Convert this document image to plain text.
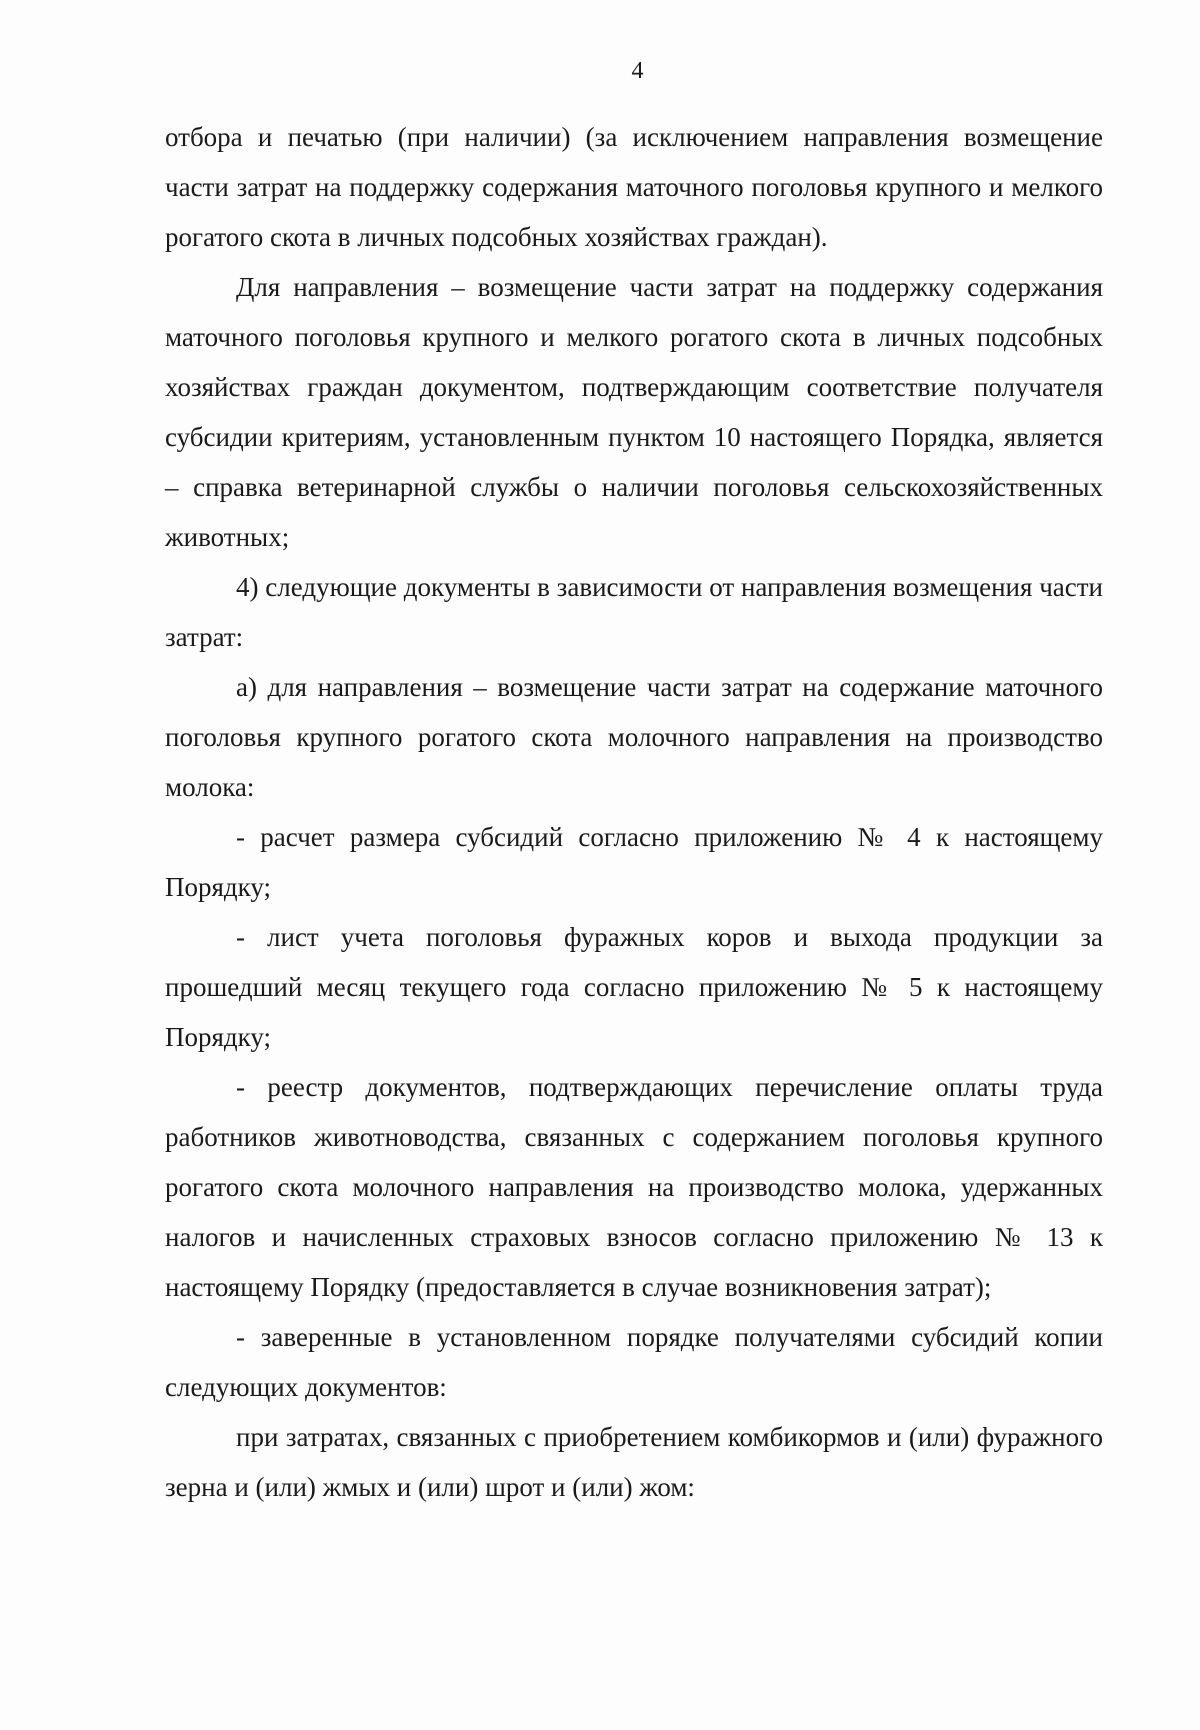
4

отбора и печатью (при наличии) (за исключением направления возмещение части затрат на поддержку содержания маточного поголовья крупного и мелкого рогатого скота в личных подсобных хозяйствах граждан).

Для направления – возмещение части затрат на поддержку содержания маточного поголовья крупного и мелкого рогатого скота в личных подсобных хозяйствах граждан документом, подтверждающим соответствие получателя субсидии критериям, установленным пунктом 10 настоящего Порядка, является – справка ветеринарной службы о наличии поголовья сельскохозяйственных животных;

4) следующие документы в зависимости от направления возмещения части затрат:

а) для направления – возмещение части затрат на содержание маточного поголовья крупного рогатого скота молочного направления на производство молока:

- расчет размера субсидий согласно приложению № 4 к настоящему Порядку;

- лист учета поголовья фуражных коров и выхода продукции за прошедший месяц текущего года согласно приложению № 5 к настоящему Порядку;

- реестр документов, подтверждающих перечисление оплаты труда работников животноводства, связанных с содержанием поголовья крупного рогатого скота молочного направления на производство молока, удержанных налогов и начисленных страховых взносов согласно приложению № 13 к настоящему Порядку (предоставляется в случае возникновения затрат);

- заверенные в установленном порядке получателями субсидий копии следующих документов:

при затратах, связанных с приобретением комбикормов и (или) фуражного зерна и (или) жмых и (или) шрот и (или) жом:
